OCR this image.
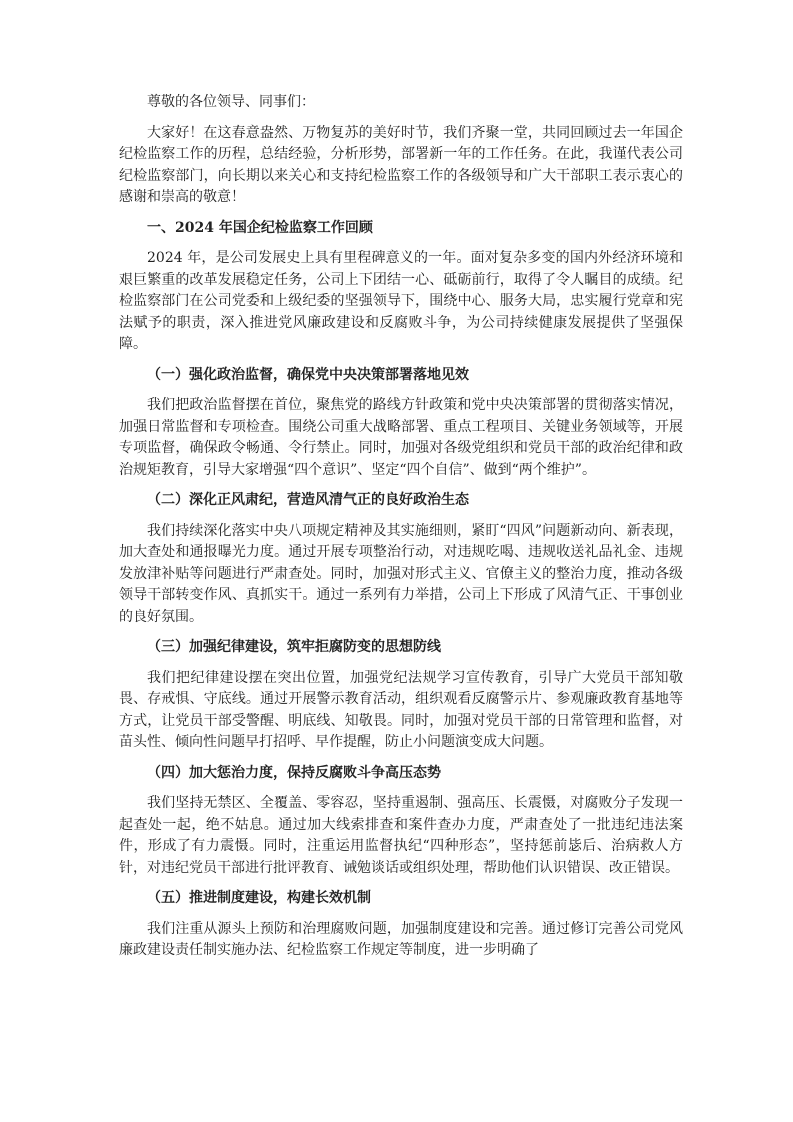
尊敬的各位领导、同事们：

大家好！在这春意盎然、万物复苏的美好时节，我们齐聚一堂，共同回顾过去一年国企纪检监察工作的历程，总结经验，分析形势，部署新一年的工作任务。在此，我谨代表公司纪检监察部门，向长期以来关心和支持纪检监察工作的各级领导和广大干部职工表示衷心的感谢和崇高的敬意！

一、2024 年国企纪检监察工作回顾

2024 年，是公司发展史上具有里程碑意义的一年。面对复杂多变的国内外经济环境和艰巨繁重的改革发展稳定任务，公司上下团结一心、砥砺前行，取得了令人瞩目的成绩。纪检监察部门在公司党委和上级纪委的坚强领导下，围绕中心、服务大局，忠实履行党章和宪法赋予的职责，深入推进党风廉政建设和反腐败斗争，为公司持续健康发展提供了坚强保障。

（一）强化政治监督，确保党中央决策部署落地见效

我们把政治监督摆在首位，聚焦党的路线方针政策和党中央决策部署的贯彻落实情况，加强日常监督和专项检查。围绕公司重大战略部署、重点工程项目、关键业务领域等，开展专项监督，确保政令畅通、令行禁止。同时，加强对各级党组织和党员干部的政治纪律和政治规矩教育，引导大家增强“四个意识”、坚定“四个自信”、做到“两个维护”。

（二）深化正风肃纪，营造风清气正的良好政治生态

我们持续深化落实中央八项规定精神及其实施细则，紧盯“四风”问题新动向、新表现，加大查处和通报曝光力度。通过开展专项整治行动，对违规吃喝、违规收送礼品礼金、违规发放津补贴等问题进行严肃查处。同时，加强对形式主义、官僚主义的整治力度，推动各级领导干部转变作风、真抓实干。通过一系列有力举措，公司上下形成了风清气正、干事创业的良好氛围。

（三）加强纪律建设，筑牢拒腐防变的思想防线

我们把纪律建设摆在突出位置，加强党纪法规学习宣传教育，引导广大党员干部知敬畏、存戒惧、守底线。通过开展警示教育活动，组织观看反腐警示片、参观廉政教育基地等方式，让党员干部受警醒、明底线、知敬畏。同时，加强对党员干部的日常管理和监督，对苗头性、倾向性问题早打招呼、早作提醒，防止小问题演变成大问题。

（四）加大惩治力度，保持反腐败斗争高压态势

我们坚持无禁区、全覆盖、零容忍，坚持重遏制、强高压、长震慑，对腐败分子发现一起查处一起，绝不姑息。通过加大线索排查和案件查办力度，严肃查处了一批违纪违法案件，形成了有力震慑。同时，注重运用监督执纪“四种形态”，坚持惩前毖后、治病救人方针，对违纪党员干部进行批评教育、诫勉谈话或组织处理，帮助他们认识错误、改正错误。

（五）推进制度建设，构建长效机制

我们注重从源头上预防和治理腐败问题，加强制度建设和完善。通过修订完善公司党风廉政建设责任制实施办法、纪检监察工作规定等制度，进一步明确了
